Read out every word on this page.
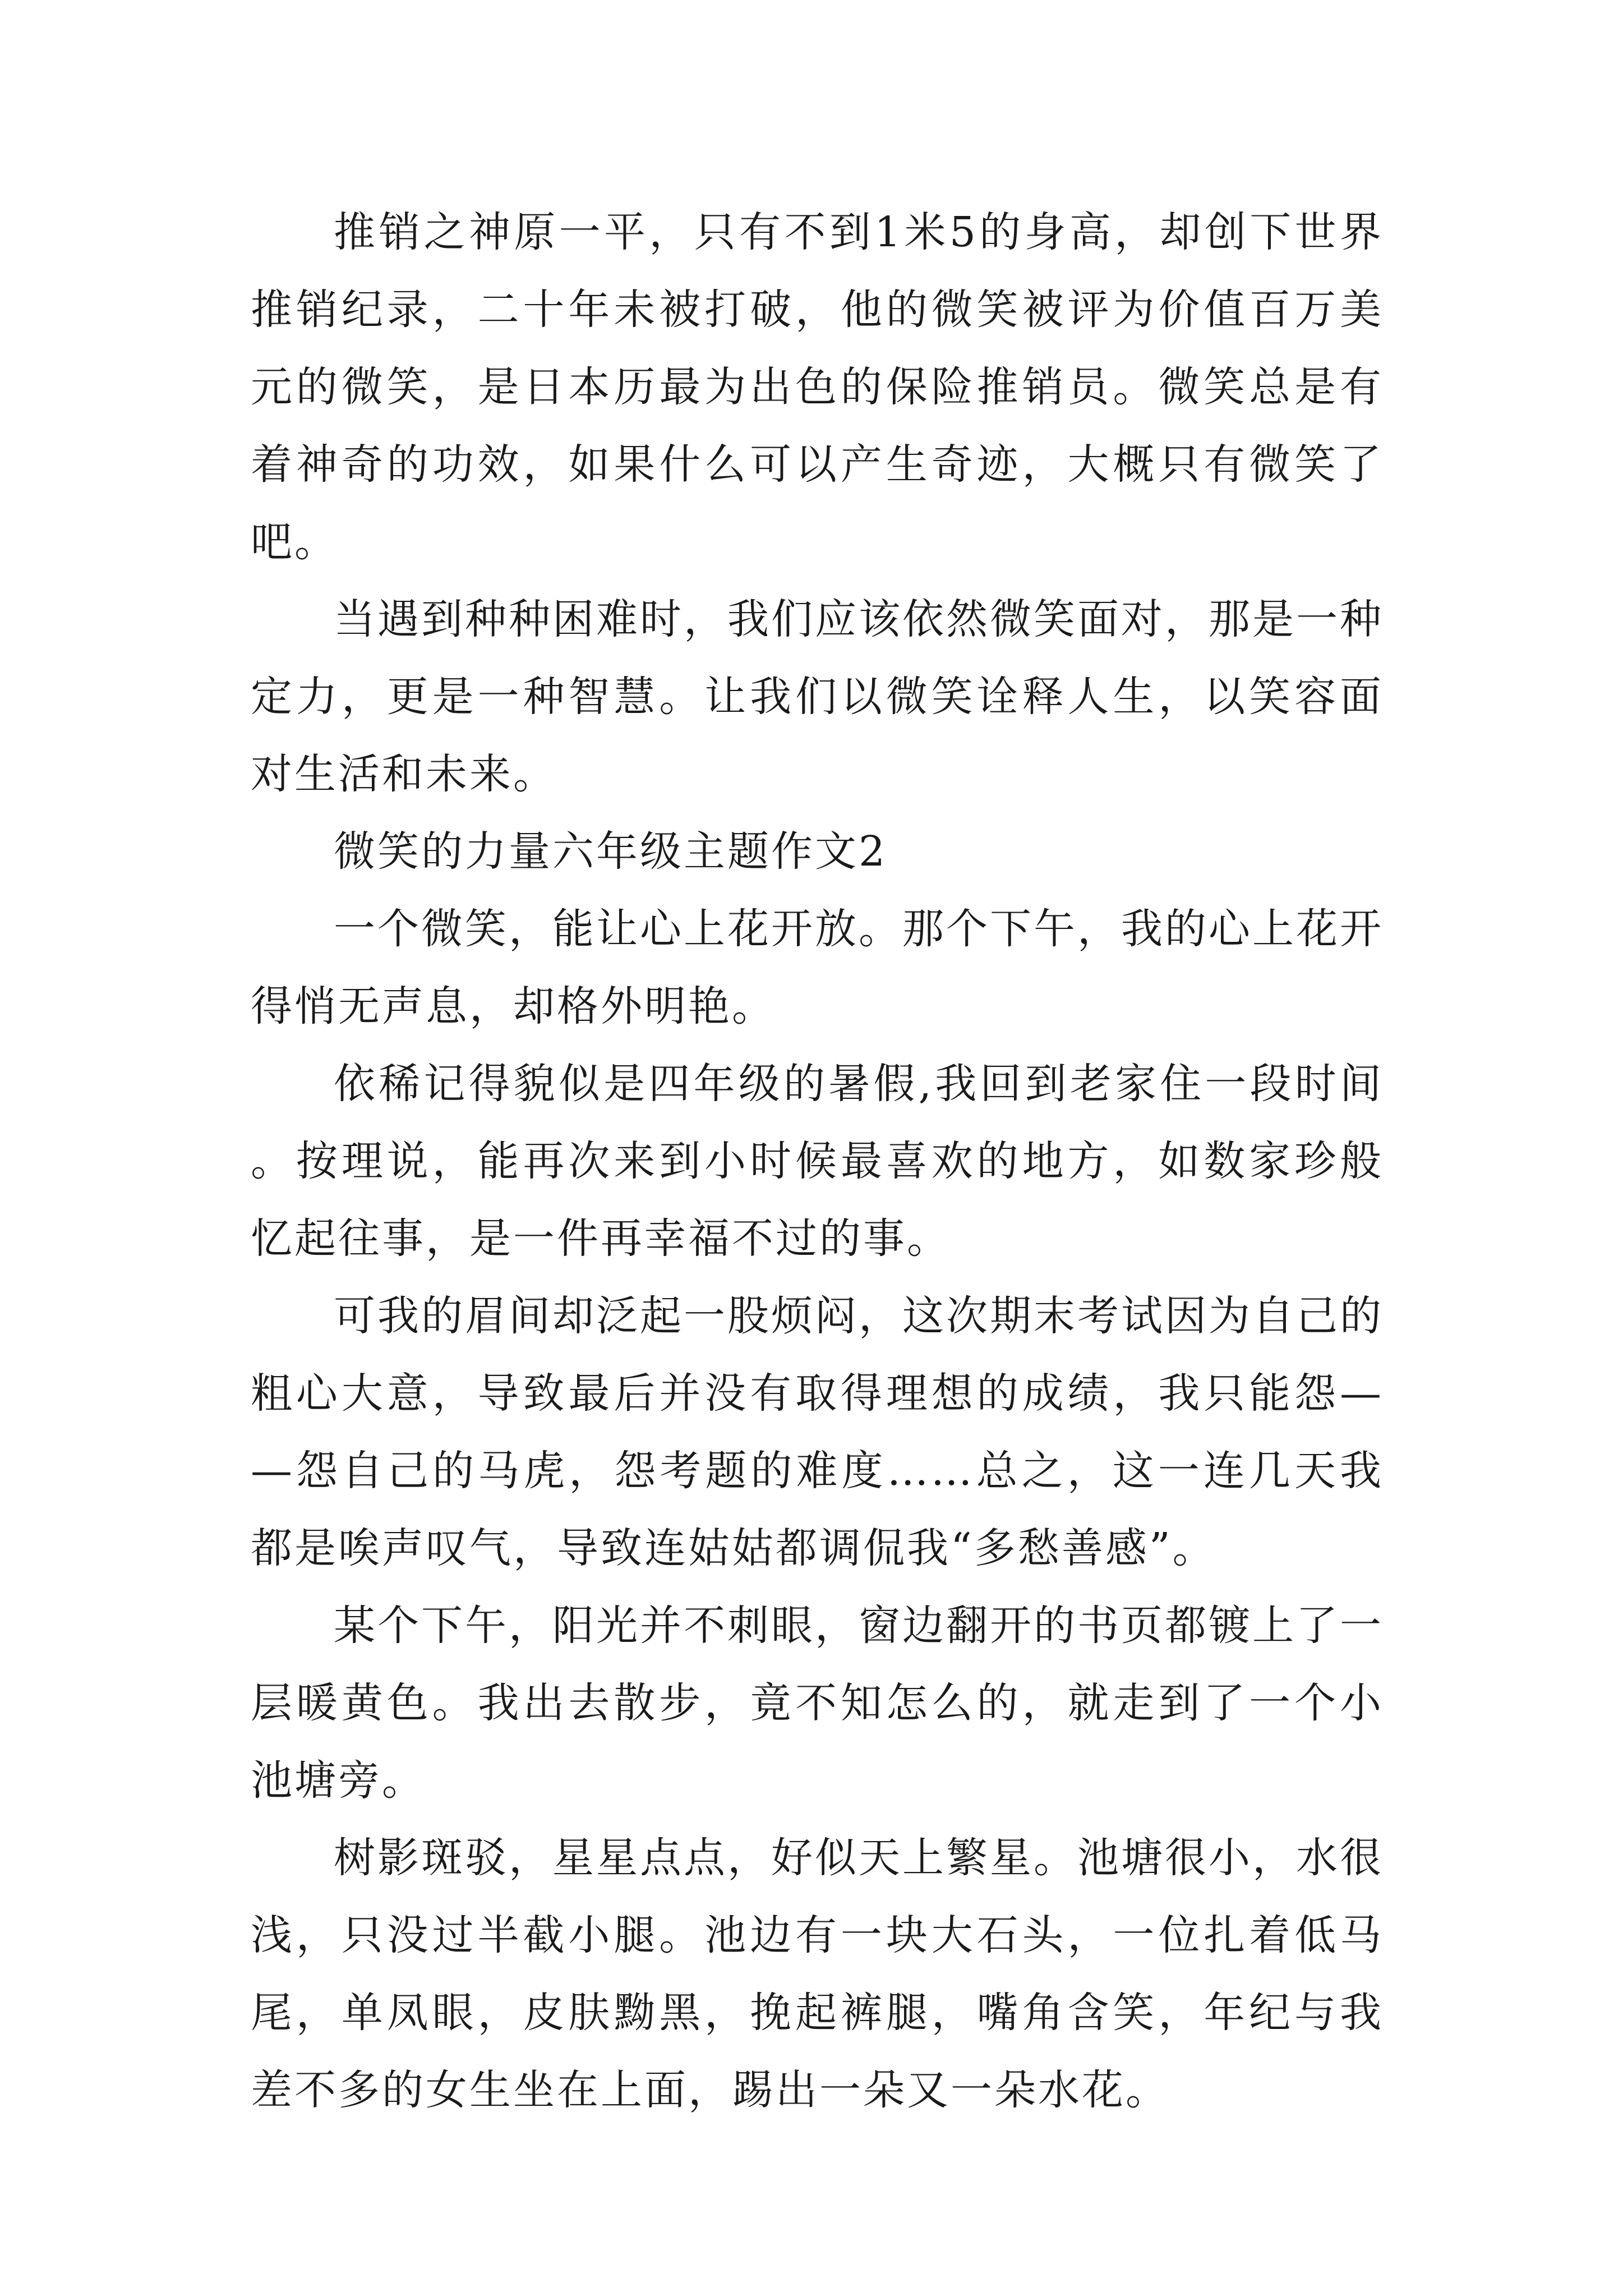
推销之神原一平，只有不到1米5的身高，却创下世界推销纪录，二十年未被打破，他的微笑被评为价值百万美元的微笑，是日本历最为出色的保险推销员。微笑总是有着神奇的功效，如果什么可以产生奇迹，大概只有微笑了吧。

当遇到种种困难时，我们应该依然微笑面对，那是一种定力，更是一种智慧。让我们以微笑诠释人生，以笑容面对生活和未来。

微笑的力量六年级主题作文2

一个微笑，能让心上花开放。那个下午，我的心上花开得悄无声息，却格外明艳。

依稀记得貌似是四年级的暑假,我回到老家住一段时间。按理说，能再次来到小时候最喜欢的地方，如数家珍般忆起往事，是一件再幸福不过的事。

可我的眉间却泛起一股烦闷，这次期末考试因为自己的粗心大意，导致最后并没有取得理想的成绩，我只能怨——怨自己的马虎，怨考题的难度……总之，这一连几天我都是唉声叹气，导致连姑姑都调侃我“多愁善感”。

某个下午，阳光并不刺眼，窗边翻开的书页都镀上了一层暖黄色。我出去散步，竟不知怎么的，就走到了一个小池塘旁。

树影斑驳，星星点点，好似天上繁星。池塘很小，水很浅，只没过半截小腿。池边有一块大石头，一位扎着低马尾，单凤眼，皮肤黝黑，挽起裤腿，嘴角含笑，年纪与我差不多的女生坐在上面，踢出一朵又一朵水花。
